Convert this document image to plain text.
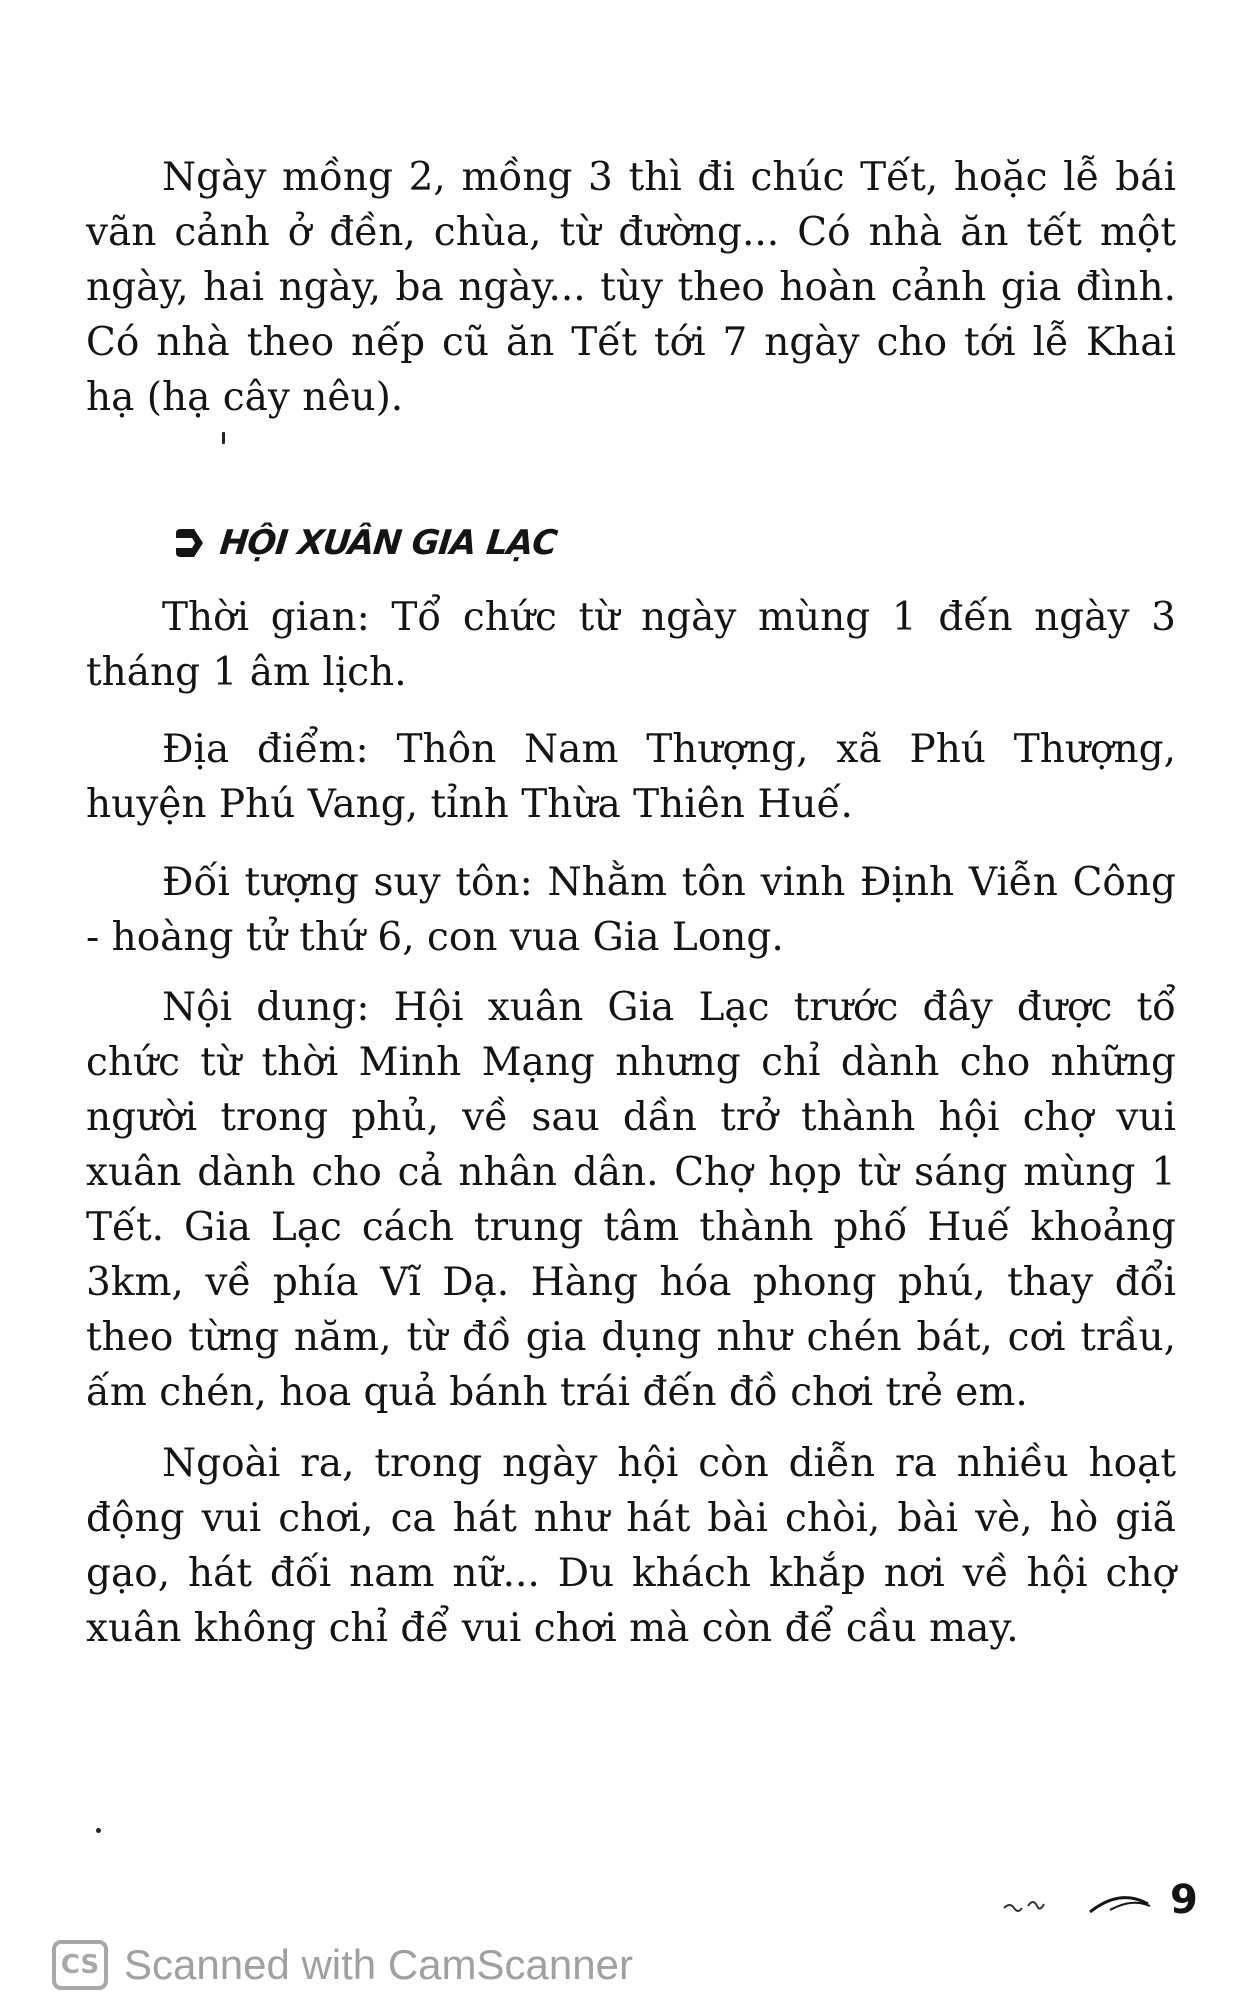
Ngày mồng 2, mồng 3 thì đi chúc Tết, hoặc lễ bái vãn cảnh ở đền, chùa, từ đường... Có nhà ăn tết một ngày, hai ngày, ba ngày... tùy theo hoàn cảnh gia đình. Có nhà theo nếp cũ ăn Tết tới 7 ngày cho tới lễ Khai hạ (hạ cây nêu).

HỘI XUÂN GIA LẠC

Thời gian: Tổ chức từ ngày mùng 1 đến ngày 3 tháng 1 âm lịch.

Địa điểm: Thôn Nam Thượng, xã Phú Thượng, huyện Phú Vang, tỉnh Thừa Thiên Huế.

Đối tượng suy tôn: Nhằm tôn vinh Định Viễn Công - hoàng tử thứ 6, con vua Gia Long.

Nội dung: Hội xuân Gia Lạc trước đây được tổ chức từ thời Minh Mạng nhưng chỉ dành cho những người trong phủ, về sau dần trở thành hội chợ vui xuân dành cho cả nhân dân. Chợ họp từ sáng mùng 1 Tết. Gia Lạc cách trung tâm thành phố Huế khoảng 3km, về phía Vĩ Dạ. Hàng hóa phong phú, thay đổi theo từng năm, từ đồ gia dụng như chén bát, cơi trầu, ấm chén, hoa quả bánh trái đến đồ chơi trẻ em.

Ngoài ra, trong ngày hội còn diễn ra nhiều hoạt động vui chơi, ca hát như hát bài chòi, bài vè, hò giã gạo, hát đối nam nữ... Du khách khắp nơi về hội chợ xuân không chỉ để vui chơi mà còn để cầu may.

9
CS Scanned with CamScanner
